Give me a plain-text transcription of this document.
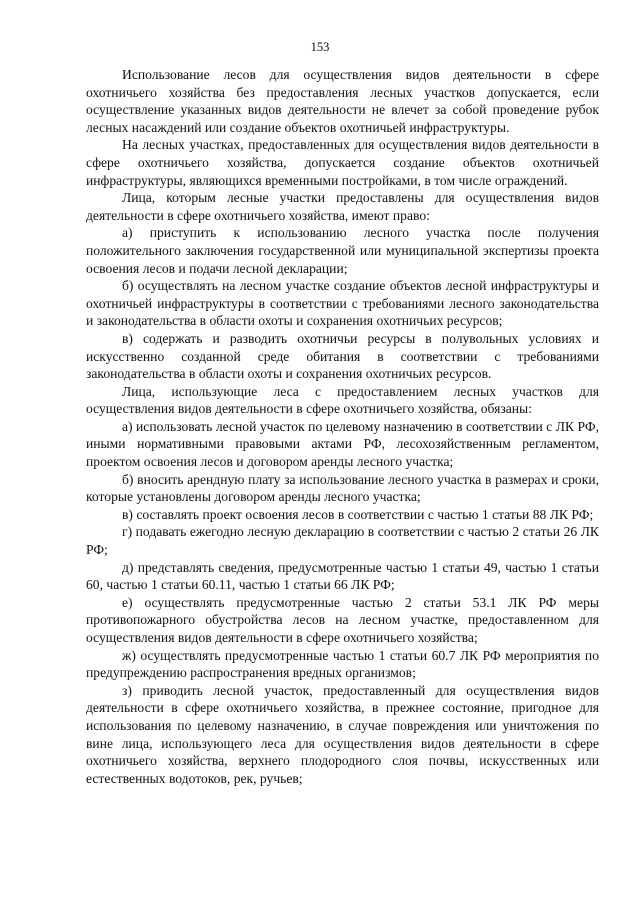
153

Использование лесов для осуществления видов деятельности в сфере охотничьего хозяйства без предоставления лесных участков допускается, если осуществление указанных видов деятельности не влечет за собой проведение рубок лесных насаждений или создание объектов охотничьей инфраструктуры.

На лесных участках, предоставленных для осуществления видов деятельности в сфере охотничьего хозяйства, допускается создание объектов охотничьей инфраструктуры, являющихся временными постройками, в том числе ограждений.

Лица, которым лесные участки предоставлены для осуществления видов деятельности в сфере охотничьего хозяйства, имеют право:

а) приступить к использованию лесного участка после получения положительного заключения государственной или муниципальной экспертизы проекта освоения лесов и подачи лесной декларации;

б) осуществлять на лесном участке создание объектов лесной инфраструктуры и охотничьей инфраструктуры в соответствии с требованиями лесного законодательства и законодательства в области охоты и сохранения охотничьих ресурсов;

в) содержать и разводить охотничьи ресурсы в полувольных условиях и искусственно созданной среде обитания в соответствии с требованиями законодательства в области охоты и сохранения охотничьих ресурсов.

Лица, использующие леса с предоставлением лесных участков для осуществления видов деятельности в сфере охотничьего хозяйства, обязаны:

а) использовать лесной участок по целевому назначению в соответствии с ЛК РФ, иными нормативными правовыми актами РФ, лесохозяйственным регламентом, проектом освоения лесов и договором аренды лесного участка;

б) вносить арендную плату за использование лесного участка в размерах и сроки, которые установлены договором аренды лесного участка;

в) составлять проект освоения лесов в соответствии с частью 1 статьи 88 ЛК РФ;

г) подавать ежегодно лесную декларацию в соответствии с частью 2 статьи 26 ЛК РФ;

д) представлять сведения, предусмотренные частью 1 статьи 49, частью 1 статьи 60, частью 1 статьи 60.11, частью 1 статьи 66 ЛК РФ;

е) осуществлять предусмотренные частью 2 статьи 53.1 ЛК РФ меры противопожарного обустройства лесов на лесном участке, предоставленном для осуществления видов деятельности в сфере охотничьего хозяйства;

ж) осуществлять предусмотренные частью 1 статьи 60.7 ЛК РФ мероприятия по предупреждению распространения вредных организмов;

з) приводить лесной участок, предоставленный для осуществления видов деятельности в сфере охотничьего хозяйства, в прежнее состояние, пригодное для использования по целевому назначению, в случае повреждения или уничтожения по вине лица, использующего леса для осуществления видов деятельности в сфере охотничьего хозяйства, верхнего плодородного слоя почвы, искусственных или естественных водотоков, рек, ручьев;
